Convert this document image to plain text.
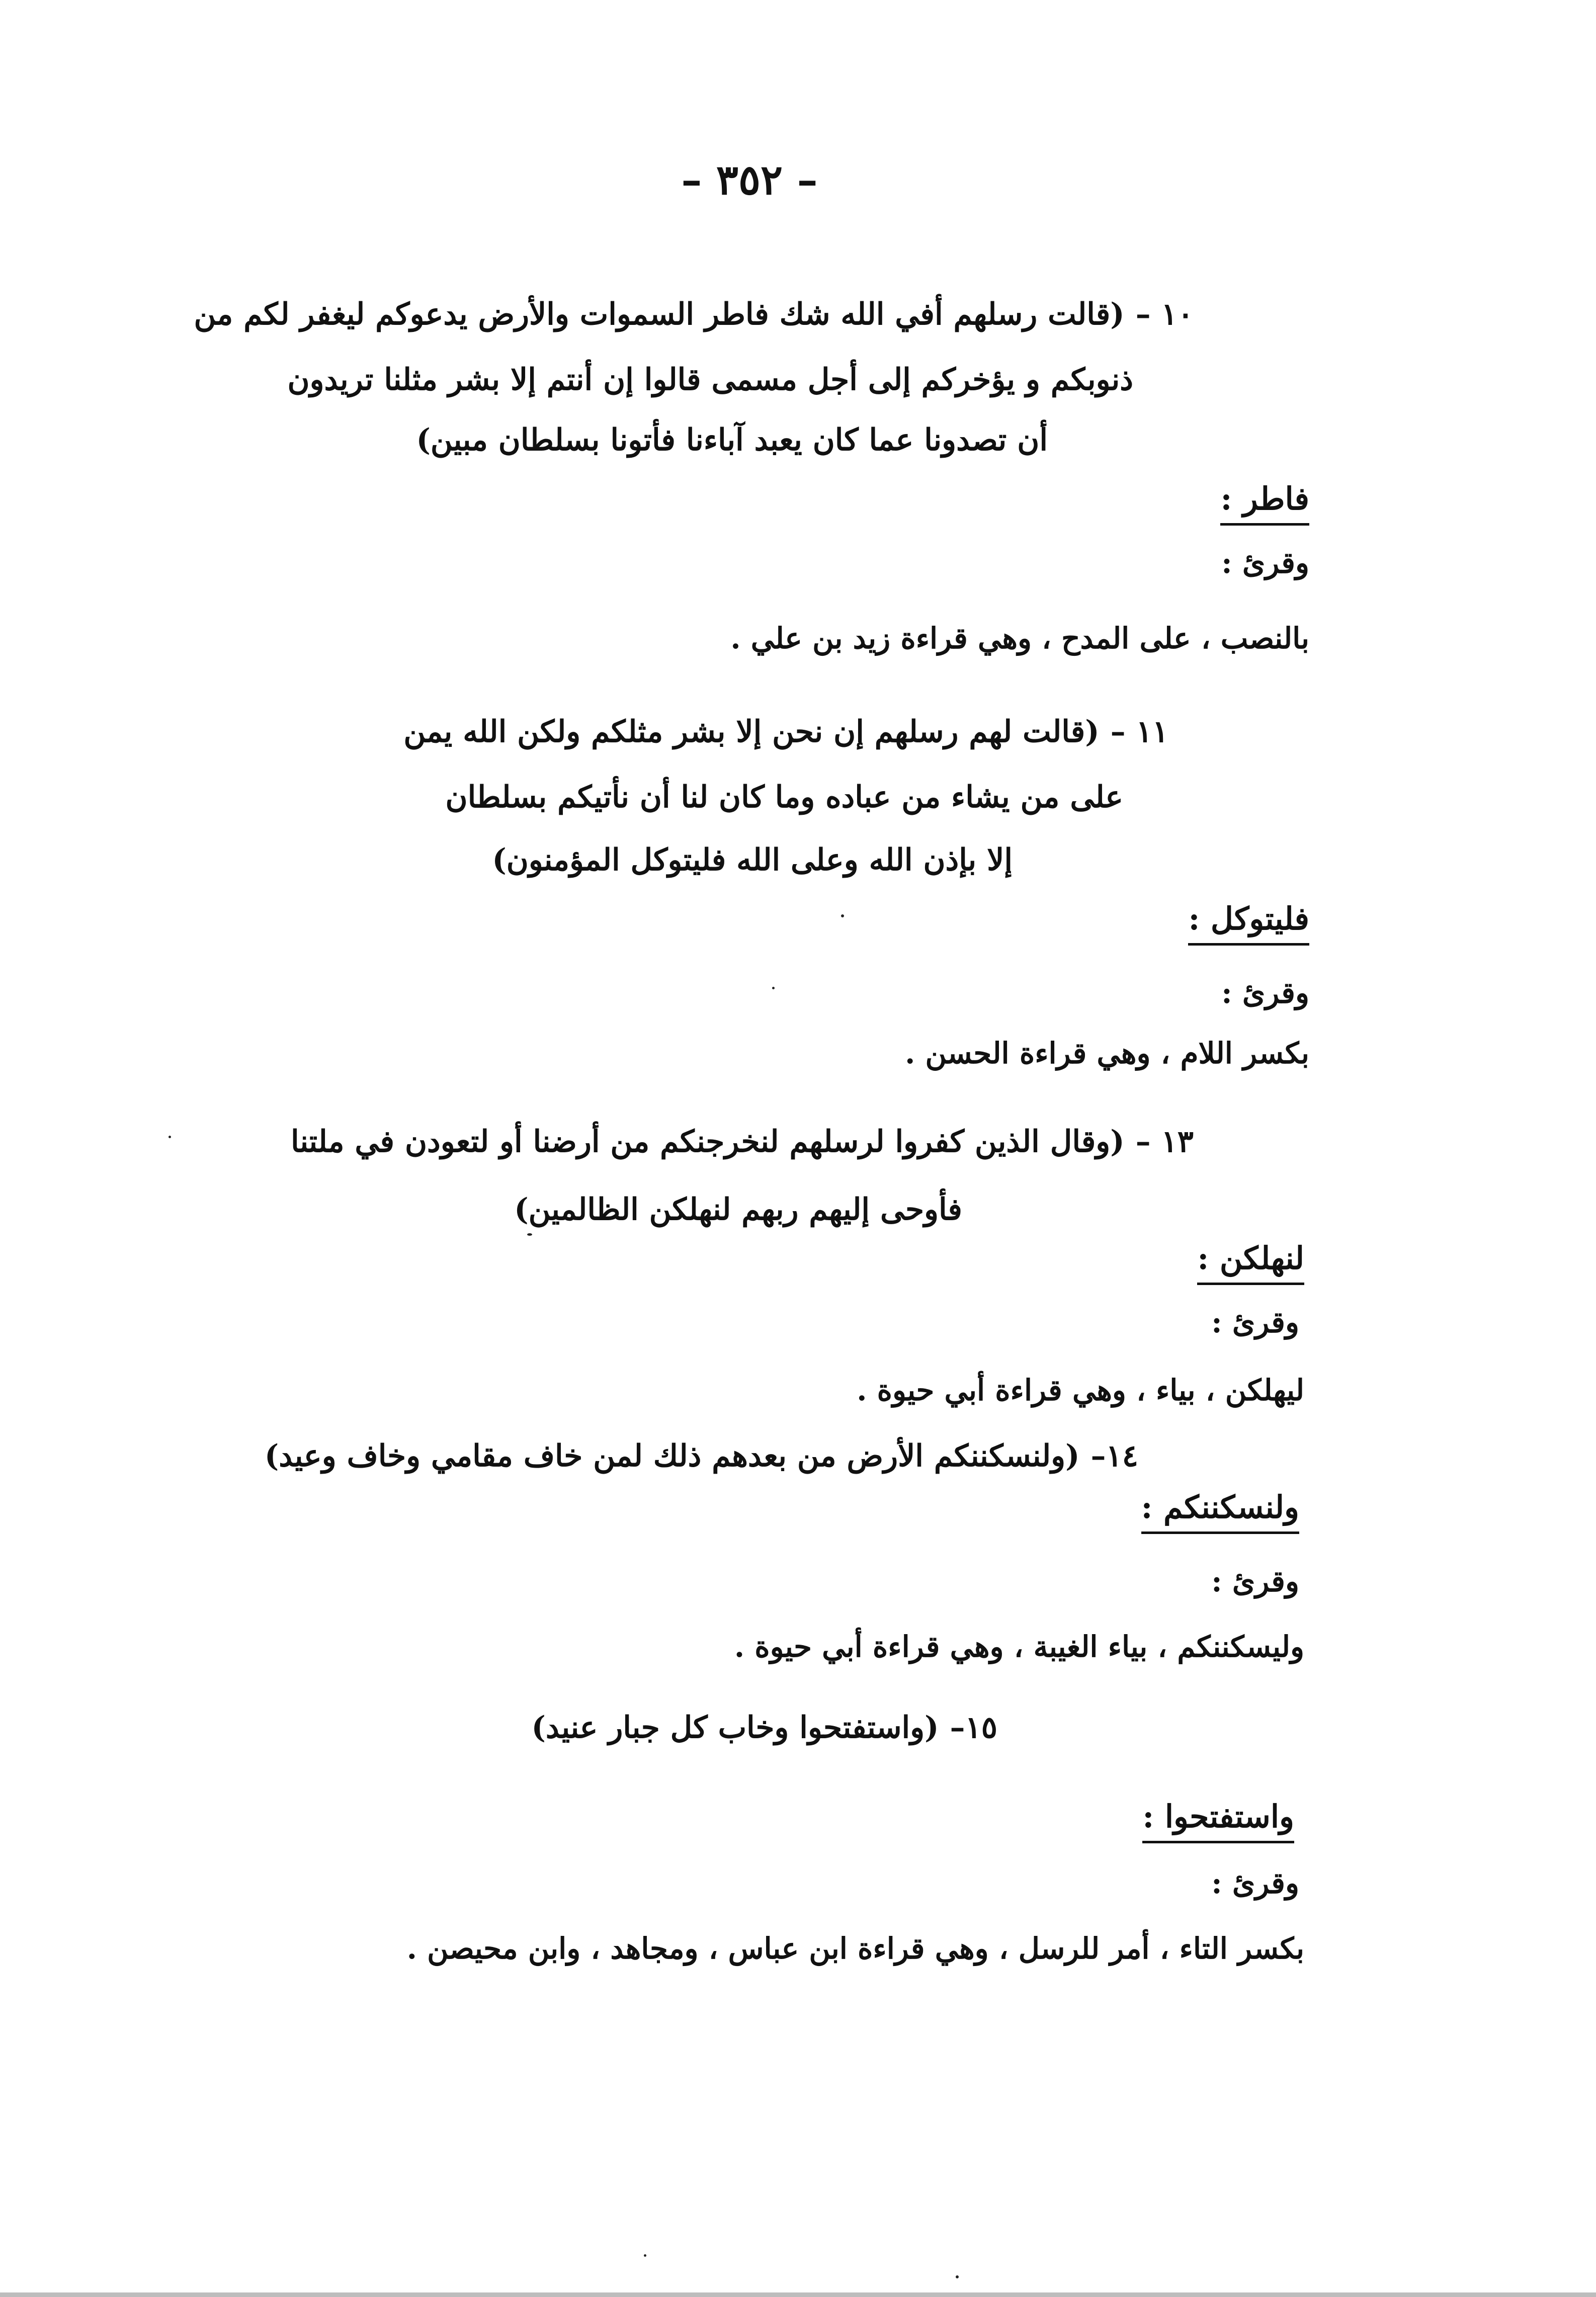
– ٣٥٢ –
١٠ –(قالت رسلهم أفي الله شك فاطر السموات والأرض يدعوكم ليغفر لكم من
ذنوبكم و يؤخركم إلى أجل مسمى قالوا إن أنتم إلا بشر مثلنا تريدون
أن تصدونا عما كان يعبد آباءنا فأتونا بسلطان مبين)
فاطر :
وقرئ :
بالنصب ، على المدح ، وهي قراءة زيد بن علي .
١١ –(قالت لهم رسلهم إن نحن إلا بشر مثلكم ولكن الله يمن
على من يشاء من عباده وما كان لنا أن نأتيكم بسلطان
إلا بإذن الله وعلى الله فليتوكل المؤمنون)
فليتوكل :
وقرئ :
بكسر اللام ، وهي قراءة الحسن .
١٣ –(وقال الذين كفروا لرسلهم لنخرجنكم من أرضنا أو لتعودن في ملتنا
فأوحى إليهم ربهم لنهلكن الظالمين)
لنهلكن :
وقرئ :
ليهلكن ، بياء ، وهي قراءة أبي حيوة .
١٤–(ولنسكننكم الأرض من بعدهم ذلك لمن خاف مقامي وخاف وعيد)
ولنسكننكم :
وقرئ :
وليسكننكم ، بياء الغيبة ، وهي قراءة أبي حيوة .
١٥–(واستفتحوا وخاب كل جبار عنيد)
واستفتحوا :
وقرئ :
بكسر التاء ، أمر للرسل ، وهي قراءة ابن عباس ، ومجاهد ، وابن محيصن .
